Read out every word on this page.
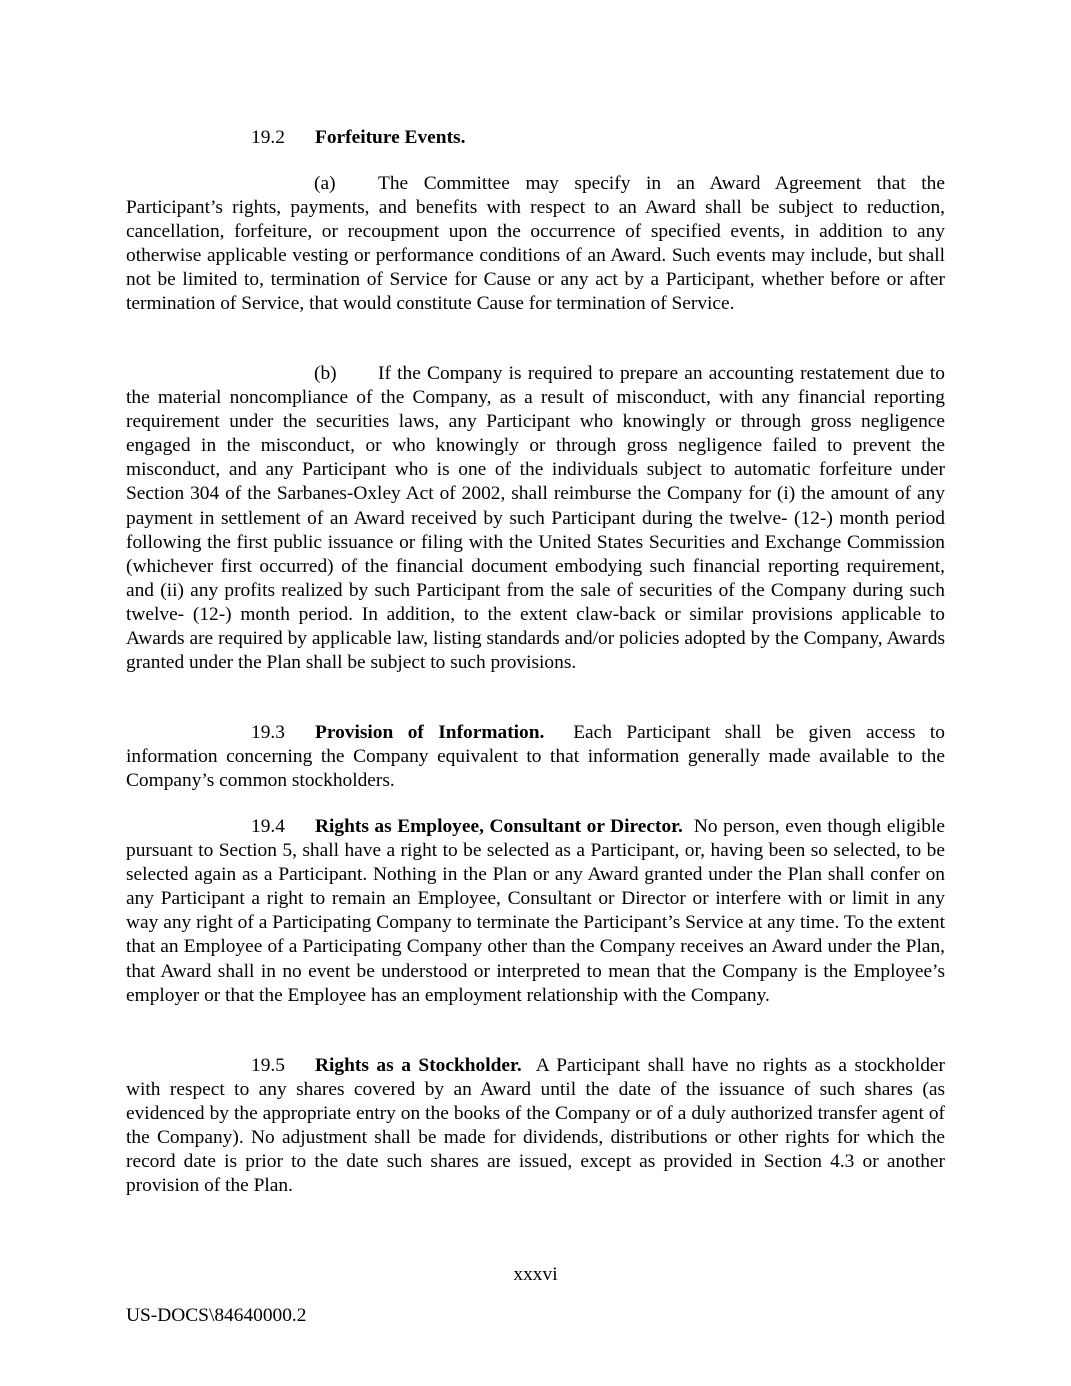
19.2 Forfeiture Events.

(a) The Committee may specify in an Award Agreement that the Participant’s rights, payments, and benefits with respect to an Award shall be subject to reduction, cancellation, forfeiture, or recoupment upon the occurrence of specified events, in addition to any otherwise applicable vesting or performance conditions of an Award. Such events may include, but shall not be limited to, termination of Service for Cause or any act by a Participant, whether before or after termination of Service, that would constitute Cause for termination of Service.

(b) If the Company is required to prepare an accounting restatement due to the material noncompliance of the Company, as a result of misconduct, with any financial reporting requirement under the securities laws, any Participant who knowingly or through gross negligence engaged in the misconduct, or who knowingly or through gross negligence failed to prevent the misconduct, and any Participant who is one of the individuals subject to automatic forfeiture under Section 304 of the Sarbanes-Oxley Act of 2002, shall reimburse the Company for (i) the amount of any payment in settlement of an Award received by such Participant during the twelve- (12-) month period following the first public issuance or filing with the United States Securities and Exchange Commission (whichever first occurred) of the financial document embodying such financial reporting requirement, and (ii) any profits realized by such Participant from the sale of securities of the Company during such twelve- (12-) month period. In addition, to the extent claw-back or similar provisions applicable to Awards are required by applicable law, listing standards and/or policies adopted by the Company, Awards granted under the Plan shall be subject to such provisions.

19.3 Provision of Information. Each Participant shall be given access to information concerning the Company equivalent to that information generally made available to the Company’s common stockholders.

19.4 Rights as Employee, Consultant or Director. No person, even though eligible pursuant to Section 5, shall have a right to be selected as a Participant, or, having been so selected, to be selected again as a Participant. Nothing in the Plan or any Award granted under the Plan shall confer on any Participant a right to remain an Employee, Consultant or Director or interfere with or limit in any way any right of a Participating Company to terminate the Participant’s Service at any time. To the extent that an Employee of a Participating Company other than the Company receives an Award under the Plan, that Award shall in no event be understood or interpreted to mean that the Company is the Employee’s employer or that the Employee has an employment relationship with the Company.

19.5 Rights as a Stockholder. A Participant shall have no rights as a stockholder with respect to any shares covered by an Award until the date of the issuance of such shares (as evidenced by the appropriate entry on the books of the Company or of a duly authorized transfer agent of the Company). No adjustment shall be made for dividends, distributions or other rights for which the record date is prior to the date such shares are issued, except as provided in Section 4.3 or another provision of the Plan.

xxxvi

US-DOCS\84640000.2
